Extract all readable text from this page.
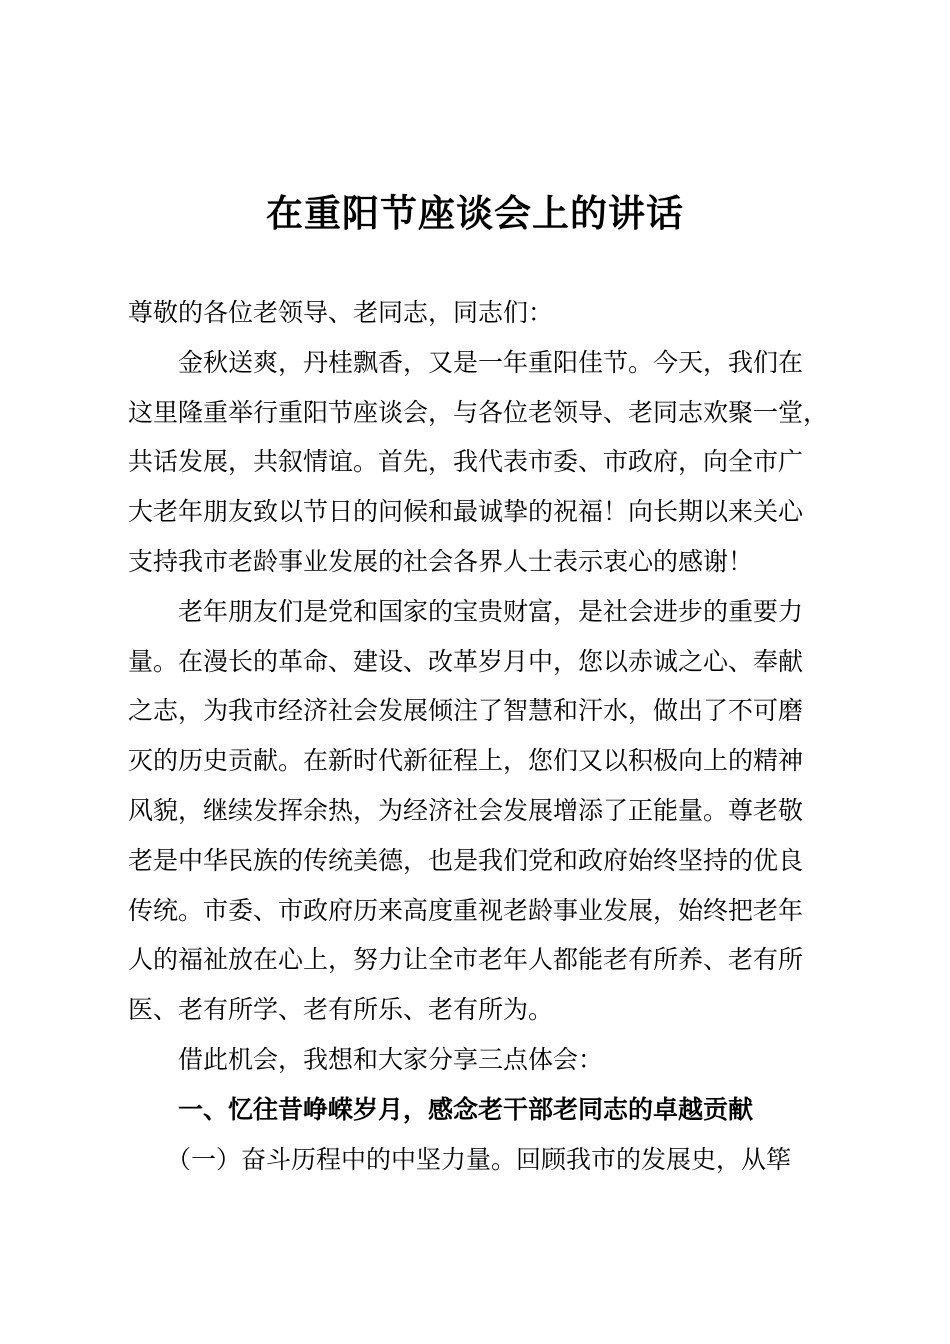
在重阳节座谈会上的讲话
尊敬的各位老领导、老同志，同志们：
金秋送爽，丹桂飘香，又是一年重阳佳节。今天，我们在
这里隆重举行重阳节座谈会，与各位老领导、老同志欢聚一堂，
共话发展，共叙情谊。首先，我代表市委、市政府，向全市广
大老年朋友致以节日的问候和最诚挚的祝福！向长期以来关心
支持我市老龄事业发展的社会各界人士表示衷心的感谢！
老年朋友们是党和国家的宝贵财富，是社会进步的重要力
量。在漫长的革命、建设、改革岁月中，您以赤诚之心、奉献
之志，为我市经济社会发展倾注了智慧和汗水，做出了不可磨
灭的历史贡献。在新时代新征程上，您们又以积极向上的精神
风貌，继续发挥余热，为经济社会发展增添了正能量。尊老敬
老是中华民族的传统美德，也是我们党和政府始终坚持的优良
传统。市委、市政府历来高度重视老龄事业发展，始终把老年
人的福祉放在心上，努力让全市老年人都能老有所养、老有所
医、老有所学、老有所乐、老有所为。
借此机会，我想和大家分享三点体会：
一、忆往昔峥嵘岁月，感念老干部老同志的卓越贡献
（一）奋斗历程中的中坚力量。回顾我市的发展史，从筚
